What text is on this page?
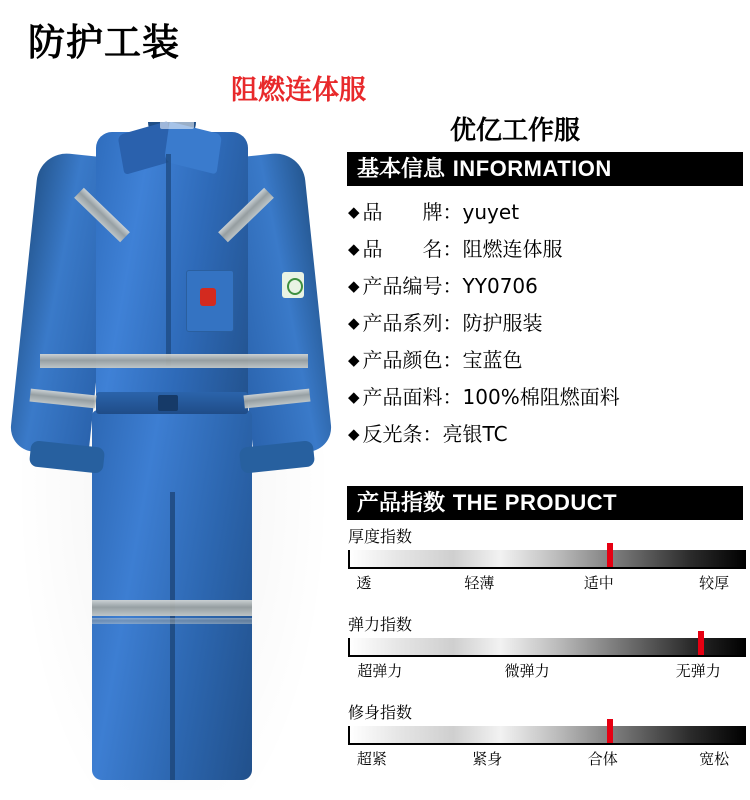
防护工装
阻燃连体服
优亿工作服
基本信息 INFORMATION
◆ 品　　牌： yuyet
◆ 品　　名： 阻燃连体服
◆ 产品编号： YY0706
◆ 产品系列： 防护服装
◆ 产品颜色： 宝蓝色
◆ 产品面料： 100%棉阻燃面料
◆ 反光条： 亮银TC
产品指数 THE PRODUCT
厚度指数
透	轻薄	适中	较厚
弹力指数
超弹力	微弹力	无弹力
修身指数
超紧	紧身	合体	宽松
